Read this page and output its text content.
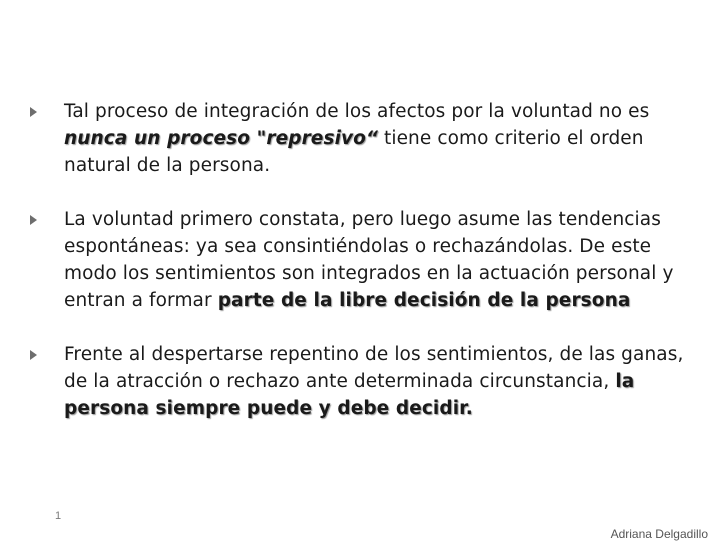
Tal proceso de integración de los afectos por la voluntad no es nunca un proceso "represivo“ tiene como criterio el orden natural de la persona.
La voluntad primero constata, pero luego asume las tendencias espontáneas: ya sea consintiéndolas o rechazándolas. De este modo los sentimientos son integrados en la actuación personal y entran a formar parte de la libre decisión de la persona
Frente al despertarse repentino de los sentimientos, de las ganas, de la atracción o rechazo ante determinada circunstancia, la persona siempre puede y debe decidir.
1
Adriana Delgadillo
